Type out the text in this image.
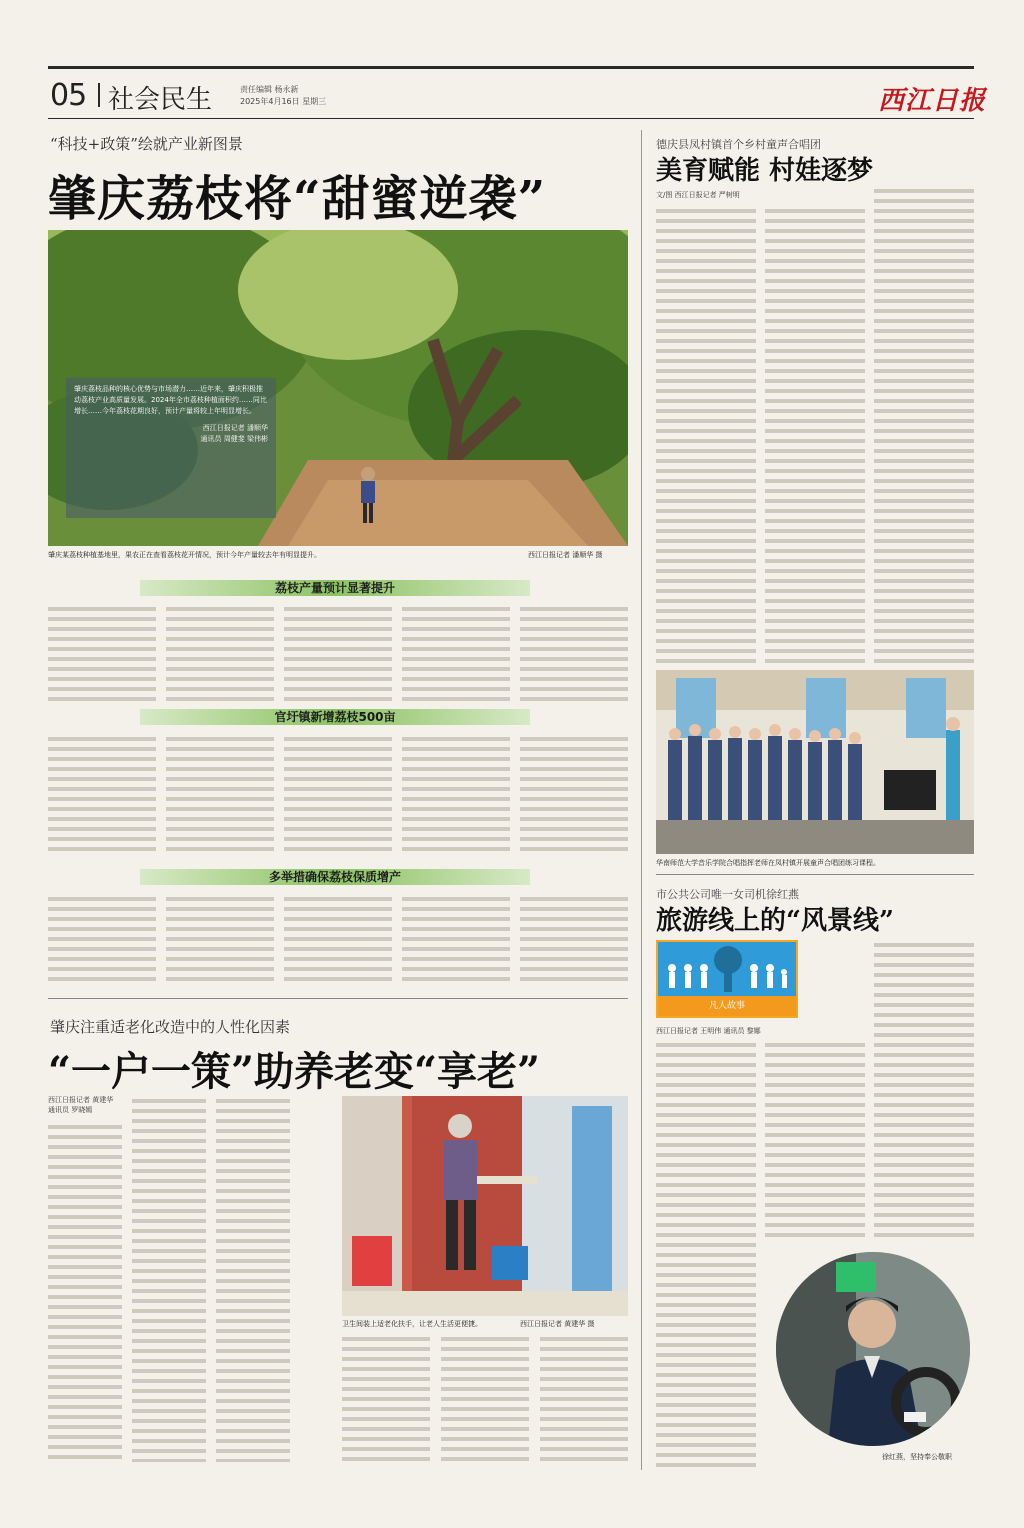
05 社会民生	责任编辑 杨永新
2025年4月16日 星期三	西江日报
“科技+政策”绘就产业新图景
肇庆荔枝将“甜蜜逆袭”
肇庆荔枝品种的核心优势与市场潜力……近年来，肇庆积极推动荔枝产业高质量发展。2024年全市荔枝种植面积约……同比增长……今年荔枝花期良好，预计产量将较上年明显增长。
西江日报记者 潘顺华
通讯员 周健斐 梁伟彬
肇庆某荔枝种植基地里，果农正在查看荔枝花开情况，预计今年产量较去年有明显提升。	西江日报记者 潘顺华 摄
荔枝产量预计显著提升
官圩镇新增荔枝500亩
多举措确保荔枝保质增产
肇庆注重适老化改造中的人性化因素
“一户一策”助养老变“享老”
西江日报记者 黄建华
通讯员 罗晓嫣
卫生间装上适老化扶手，让老人生活更便捷。	西江日报记者 黄建华 摄
德庆县凤村镇首个乡村童声合唱团
美育赋能 村娃逐梦
文/图 西江日报记者 严树明
华南师范大学音乐学院合唱指挥老师在凤村镇开展童声合唱团练习课程。
市公共公司唯一女司机徐红燕
旅游线上的“风景线”
凡人故事
西江日报记者 王明伟 通讯员 黎娜
徐红燕，坚持奉公敬职
